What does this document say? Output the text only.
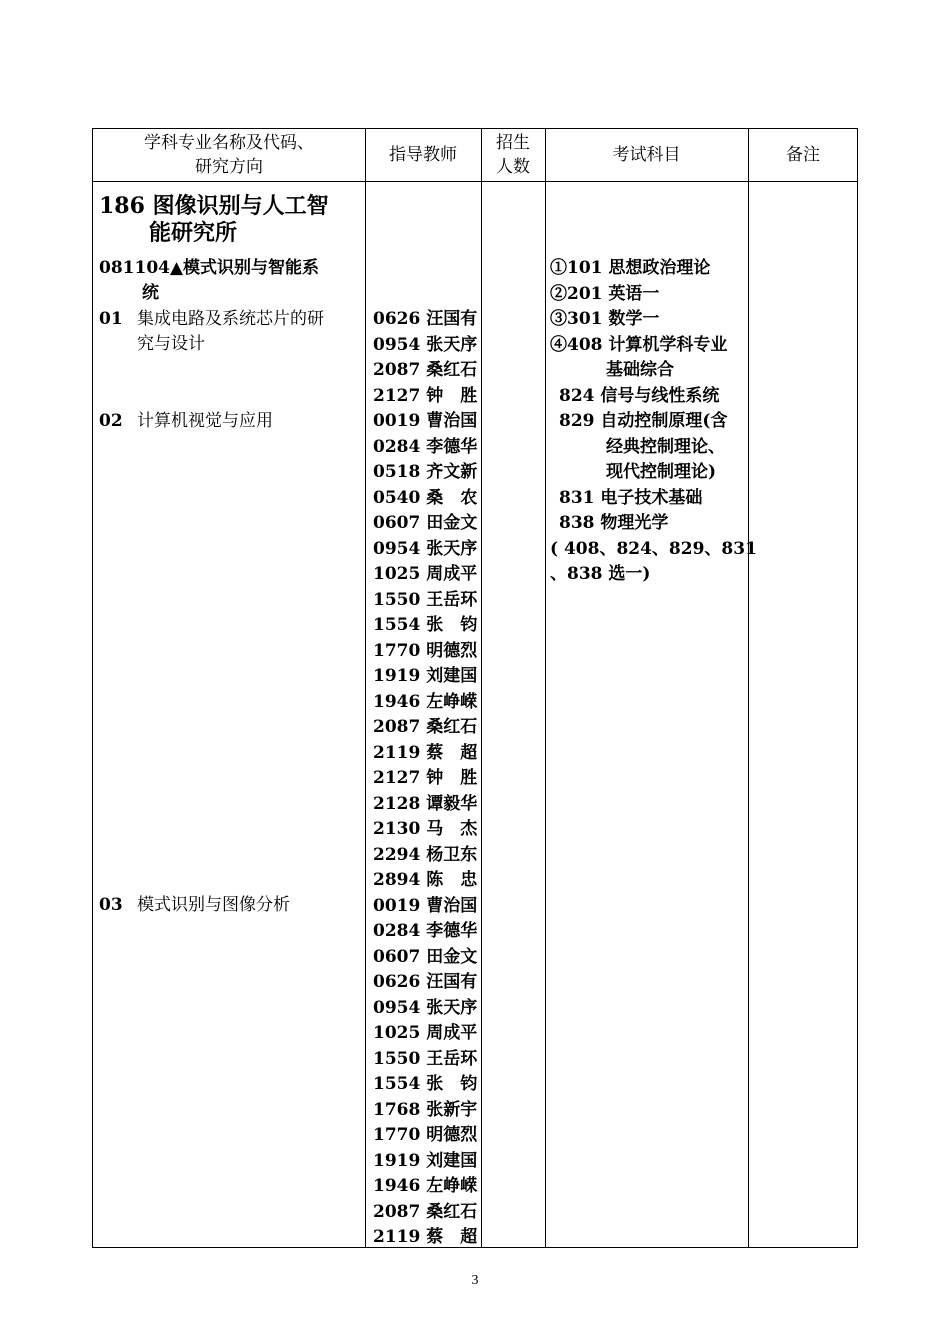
学科专业名称及代码、
研究方向
指导教师
招生
人数
考试科目	备注
186 图像识别与人工智
能研究所
081104▲模式识别与智能系
统
01 集成电路及系统芯片的研
究与设计
02 计算机视觉与应用
03 模式识别与图像分析
0626 汪国有
0954 张天序
2087 桑红石
2127 钟　胜
0019 曹治国
0284 李德华
0518 齐文新
0540 桑　农
0607 田金文
0954 张天序
1025 周成平
1550 王岳环
1554 张　钧
1770 明德烈
1919 刘建国
1946 左峥嵘
2087 桑红石
2119 蔡　超
2127 钟　胜
2128 谭毅华
2130 马　杰
2294 杨卫东
2894 陈　忠
0019 曹治国
0284 李德华
0607 田金文
0626 汪国有
0954 张天序
1025 周成平
1550 王岳环
1554 张　钧
1768 张新宇
1770 明德烈
1919 刘建国
1946 左峥嵘
2087 桑红石
2119 蔡　超
①101 思想政治理论
②201 英语一
③301 数学一
④408 计算机学科专业
基础综合
824 信号与线性系统
829 自动控制原理(含
经典控制理论、
现代控制理论)
831 电子技术基础
838 物理光学
( 408、824、829、831
、838 选一)
3
